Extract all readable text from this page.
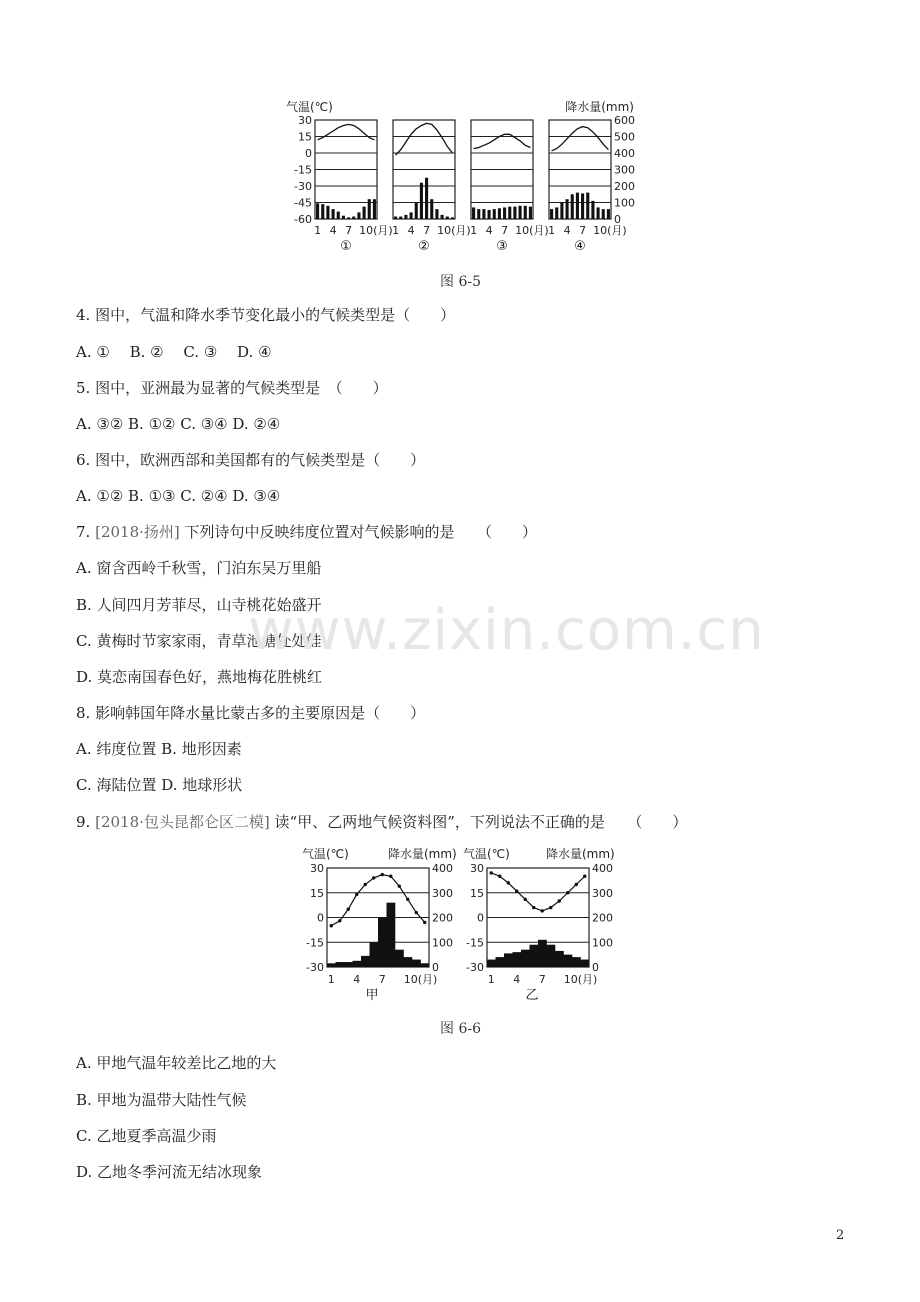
气温(℃)	降水量(mm)
30
15
0
-15
-30
-45
-60
600
500
400
300
200
100
0
1 4 7 10(月)
①
1 4 7 10(月)
②
1 4 7 10(月)
③
1 4 7 10(月)
④
图 6-5
4. 图中，气温和降水季节变化最小的气候类型是（　　）
A. ①　 B. ②　 C. ③　 D. ④
5. 图中，亚洲最为显著的气候类型是　（　　）
A. ③② B. ①② C. ③④ D. ②④
6. 图中，欧洲西部和美国都有的气候类型是（　　）
A. ①② B. ①③ C. ②④ D. ③④
7. [2018·扬州] 下列诗句中反映纬度位置对气候影响的是　　（　　）
A. 窗含西岭千秋雪，门泊东吴万里船
B. 人间四月芳菲尽，山寺桃花始盛开
C. 黄梅时节家家雨，青草池塘处处蛙
D. 莫恋南国春色好，燕地梅花胜桃红
8. 影响韩国年降水量比蒙古多的主要原因是（　　）
A. 纬度位置 B. 地形因素
C. 海陆位置 D. 地球形状
9. [2018·包头昆都仑区二模] 读“甲、乙两地气候资料图”，下列说法不正确的是　　（　　）
气温(℃)	降水量(mm) 气温(℃)	降水量(mm)
30
15
0
-15
-30
400
300
200
100
0
1 4 7 10(月)
甲
30
15
0
-15
-30
400
300
200
100
0
1 4 7 10(月)
乙
图 6-6
A. 甲地气温年较差比乙地的大
B. 甲地为温带大陆性气候
C. 乙地夏季高温少雨
D. 乙地冬季河流无结冰现象
www.zixin.com.cn
2
